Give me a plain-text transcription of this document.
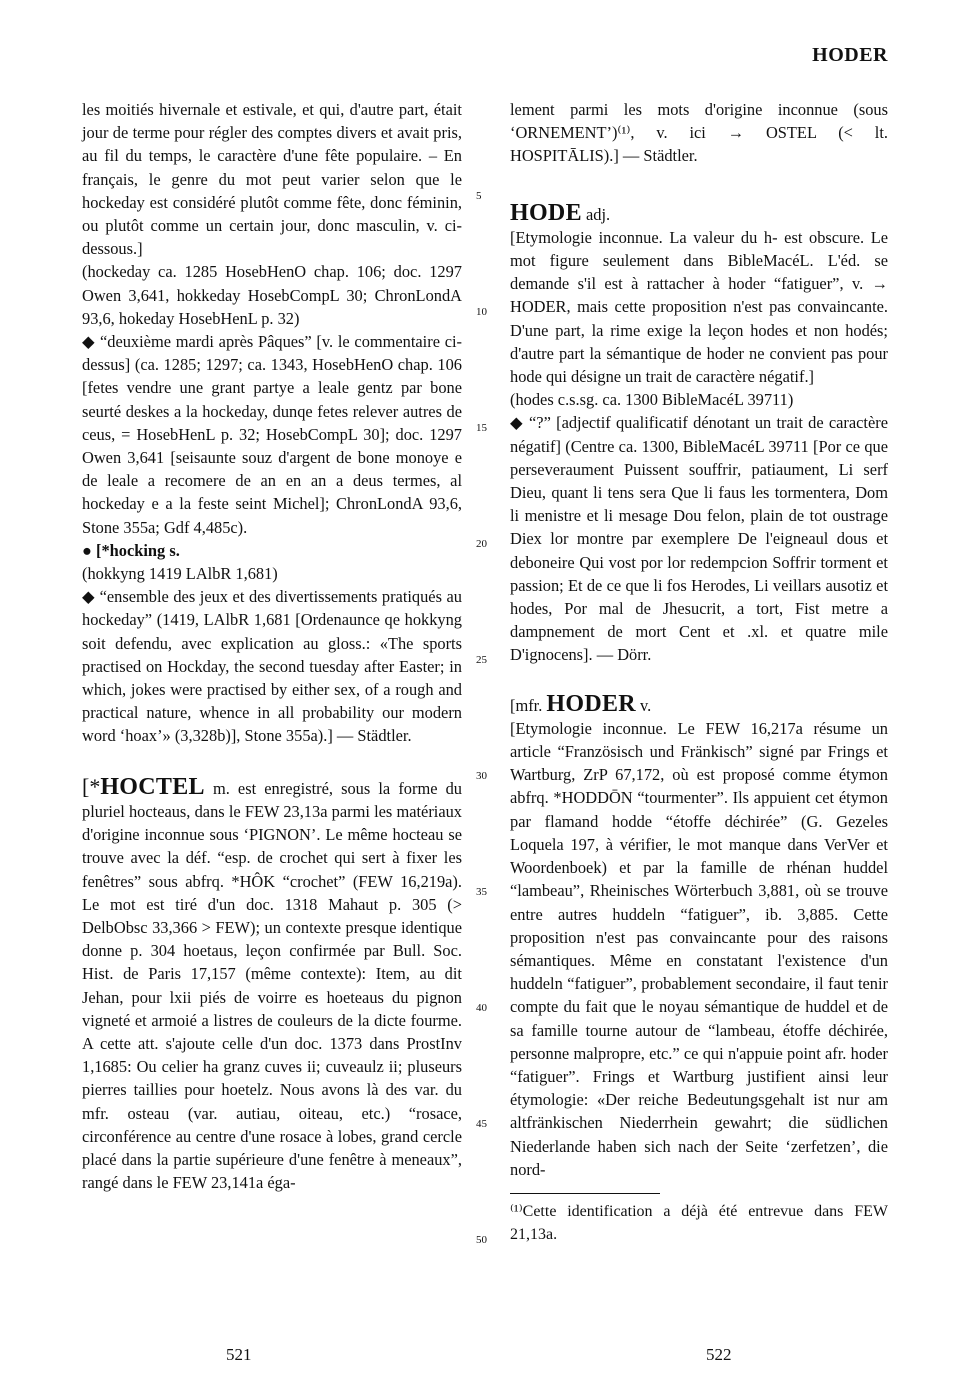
HODER

les moitiés hivernale et estivale, et qui, d'autre part, était jour de terme pour régler des comptes divers et avait pris, au fil du temps, le caractère d'une fête populaire. – En français, le genre du mot peut varier selon que le hockeday est considéré plutôt comme fête, donc féminin, ou plutôt comme un certain jour, donc masculin, v. ci-dessous.]

(hockeday ca. 1285 HosebHenO chap. 106; doc. 1297 Owen 3,641, hokkeday HosebCompL 30; ChronLondA 93,6, hokeday HosebHenL p. 32)

◆ “deuxième mardi après Pâques” [v. le commentaire ci-dessus] (ca. 1285; 1297; ca. 1343, HosebHenO chap. 106 [fetes vendre une grant partye a leale gentz par bone seurté deskes a la hockeday, dunqe fetes relever autres de ceus, = HosebHenL p. 32; HosebCompL 30]; doc. 1297 Owen 3,641 [seisaunte souz d'argent de bone monoye e de leale a recomere de an en an a deus termes, al hockeday e a la feste seint Michel]; ChronLondA 93,6, Stone 355a; Gdf 4,485c).

● [*hocking s.

(hokkyng 1419 LAlbR 1,681)

◆ “ensemble des jeux et des divertissements pratiqués au hockeday” (1419, LAlbR 1,681 [Ordenaunce qe hokkyng soit defendu, avec explication au gloss.: «The sports practised on Hockday, the second tuesday after Easter; in which, jokes were practised by either sex, of a rough and practical nature, whence in all probability our modern word ‘hoax’» (3,328b)], Stone 355a).] — Städtler.

[*HOCTEL m. est enregistré, sous la forme du pluriel hocteaus, dans le FEW 23,13a parmi les matériaux d'origine inconnue sous ‘PIGNON’. Le même hocteau se trouve avec la déf. “esp. de crochet qui sert à fixer les fenêtres” sous abfrq. *HÔK “crochet” (FEW 16,219a). Le mot est tiré d'un doc. 1318 Mahaut p. 305 (> DelbObsc 33,366 > FEW); un contexte presque identique donne p. 304 hoetaus, leçon confirmée par Bull. Soc. Hist. de Paris 17,157 (même contexte): Item, au dit Jehan, pour lxii piés de voirre es hoeteaus du pignon vigneté et armoié a listres de couleurs de la dicte fourme. A cette att. s'ajoute celle d'un doc. 1373 dans ProstInv 1,1685: Ou celier ha granz cuves ii; cuveaulz ii; pluseurs pierres taillies pour hoetelz. Nous avons là des var. du mfr. osteau (var. autiau, oiteau, etc.) “rosace, circonférence au centre d'une rosace à lobes, grand cercle placé dans la partie supérieure d'une fenêtre à meneaux”, rangé dans le FEW 23,141a éga-

5
10
15
20
25
30
35
40
45
50

lement parmi les mots d'origine inconnue (sous ‘ORNEMENT’)⁽¹⁾, v. ici → OSTEL (< lt. HOSPITĀLIS).] — Städtler.

HODE adj.

[Etymologie inconnue. La valeur du h- est obscure. Le mot figure seulement dans BibleMacéL. L'éd. se demande s'il est à rattacher à hoder “fatiguer”, v. → HODER, mais cette proposition n'est pas convaincante. D'une part, la rime exige la leçon hodes et non hodés; d'autre part la sémantique de hoder ne convient pas pour hode qui désigne un trait de caractère négatif.]

(hodes c.s.sg. ca. 1300 BibleMacéL 39711)

◆ “?” [adjectif qualificatif dénotant un trait de caractère négatif] (Centre ca. 1300, BibleMacéL 39711 [Por ce que perseveraument Puissent souffrir, patiaument, Li serf Dieu, quant li tens sera Que li faus les tormentera, Dom li menistre et li mesage Dou felon, plain de tot oustrage Diex lor montre par exemplere De l'eigneaul dous et deboneire Qui vost por lor redempcion Soffrir torment et passion; Et de ce que li fos Herodes, Li veillars ausotiz et hodes, Por mal de Jhesucrit, a tort, Fist metre a dampnement de mort Cent et .xl. et quatre mile D'ignocens]. — Dörr.

[mfr. HODER v.

[Etymologie inconnue. Le FEW 16,217a résume un article “Französisch und Fränkisch” signé par Frings et Wartburg, ZrP 67,172, où est proposé comme étymon abfrq. *HODDŌN “tourmenter”. Ils appuient cet étymon par flamand hodde “étoffe déchirée” (G. Gezeles Loquela 197, à vérifier, le mot manque dans VerVer et Woordenboek) et par la famille de rhénan huddel “lambeau”, Rheinisches Wörterbuch 3,881, où se trouve entre autres huddeln “fatiguer”, ib. 3,885. Cette proposition n'est pas convaincante pour des raisons sémantiques. Même en constatant l'existence d'un huddeln “fatiguer”, probablement secondaire, il faut tenir compte du fait que le noyau sémantique de huddel et de sa famille tourne autour de “lambeau, étoffe déchirée, personne malpropre, etc.” ce qui n'appuie point afr. hoder “fatiguer”. Frings et Wartburg justifient ainsi leur étymologie: «Der reiche Bedeutungsgehalt ist nur am altfränkischen Niederrhein gewahrt; die südlichen Niederlande haben sich nach der Seite ‘zerfetzen’, die nord-

⁽¹⁾Cette identification a déjà été entrevue dans FEW 21,13a.

521	522
